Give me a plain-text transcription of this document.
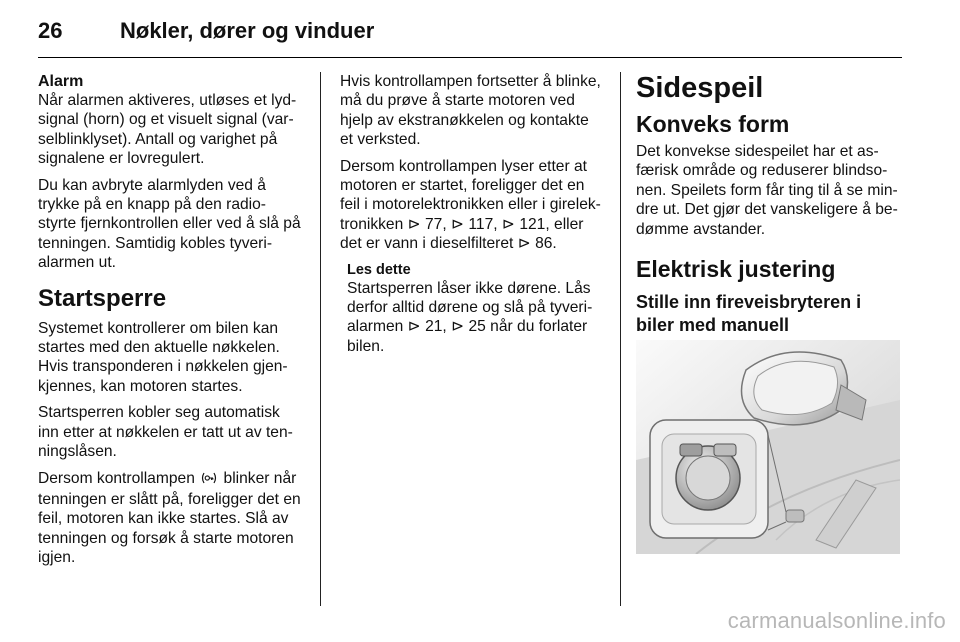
26	Nøkler, dører og vinduer
Alarm

Når alarmen aktiveres, utløses et lyd-signal (horn) og et visuelt signal (var-selblinklyset). Antall og varighet på signalene er lovregulert.

Du kan avbryte alarmlyden ved å trykke på en knapp på den radio-styrte fjernkontrollen eller ved å slå på tenningen. Samtidig kobles tyveri-alarmen ut.

Startsperre

Systemet kontrollerer om bilen kan startes med den aktuelle nøkkelen. Hvis transponderen i nøkkelen gjen-kjennes, kan motoren startes.

Startsperren kobler seg automatisk inn etter at nøkkelen er tatt ut av ten-ningslåsen.

Dersom kontrollampen  blinker når tenningen er slått på, foreligger det en feil, motoren kan ikke startes. Slå av tenningen og forsøk å starte motoren igjen.

Hvis kontrollampen fortsetter å blinke, må du prøve å starte motoren ved hjelp av ekstranøkkelen og kontakte et verksted.

Dersom kontrollampen lyser etter at motoren er startet, foreligger det en feil i motorelektronikken eller i girelek-tronikken ⊳ 77, ⊳ 117, ⊳ 121, eller det er vann i dieselfilteret ⊳ 86.

Les dette
Startsperren låser ikke dørene. Lås derfor alltid dørene og slå på tyveri-alarmen ⊳ 21, ⊳ 25 når du forlater bilen.
Sidespeil
Konveks form

Det konvekse sidespeilet har et as-færisk område og reduserer blindso-nen. Speilets form får ting til å se min-dre ut. Det gjør det vanskeligere å be-dømme avstander.

Elektrisk justering
Stille inn fireveisbryteren i biler med manuell
carmanualsonline.info
